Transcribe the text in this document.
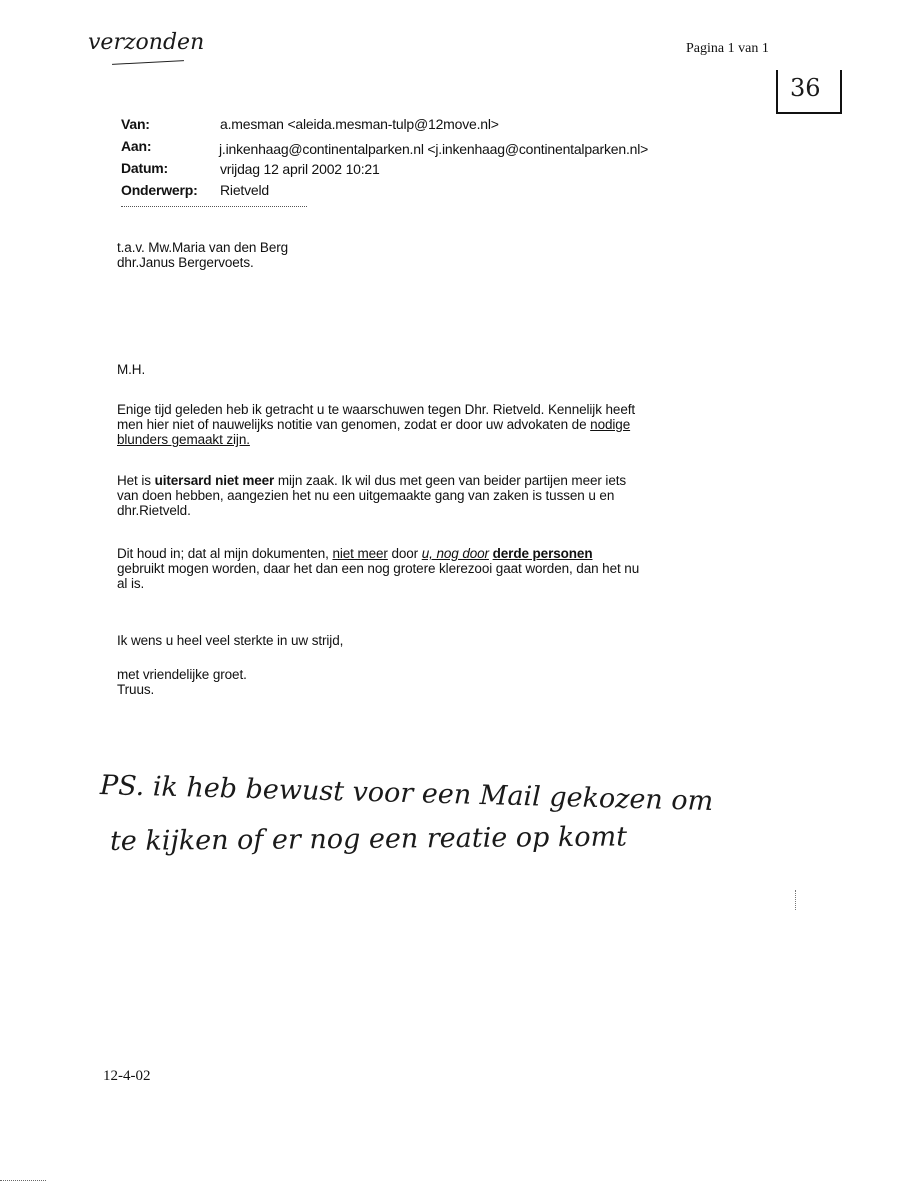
verzonden	Pagina 1 van 1
36
Van:	a.mesman <aleida.mesman-tulp@12move.nl>
Aan:	j.inkenhaag@continentalparken.nl <j.inkenhaag@continentalparken.nl>
Datum:	vrijdag 12 april 2002 10:21
Onderwerp: Rietveld
t.a.v. Mw.Maria van den Berg
dhr.Janus Bergervoets.
M.H.
Enige tijd geleden heb ik getracht u te waarschuwen tegen Dhr. Rietveld. Kennelijk heeft
men hier niet of nauwelijks notitie van genomen, zodat er door uw advokaten de nodige
blunders gemaakt zijn.
Het is uitersard niet meer mijn zaak. Ik wil dus met geen van beider partijen meer iets
van doen hebben, aangezien het nu een uitgemaakte gang van zaken is tussen u en
dhr.Rietveld.
Dit houd in; dat al mijn dokumenten, niet meer door u, nog door derde personen
gebruikt mogen worden, daar het dan een nog grotere klerezooi gaat worden, dan het nu
al is.
Ik wens u heel veel sterkte in uw strijd,
met vriendelijke groet.
Truus.
PS. ik heb bewust voor een Mail gekozen om
te kijken of er nog een reatie op komt
12-4-02
